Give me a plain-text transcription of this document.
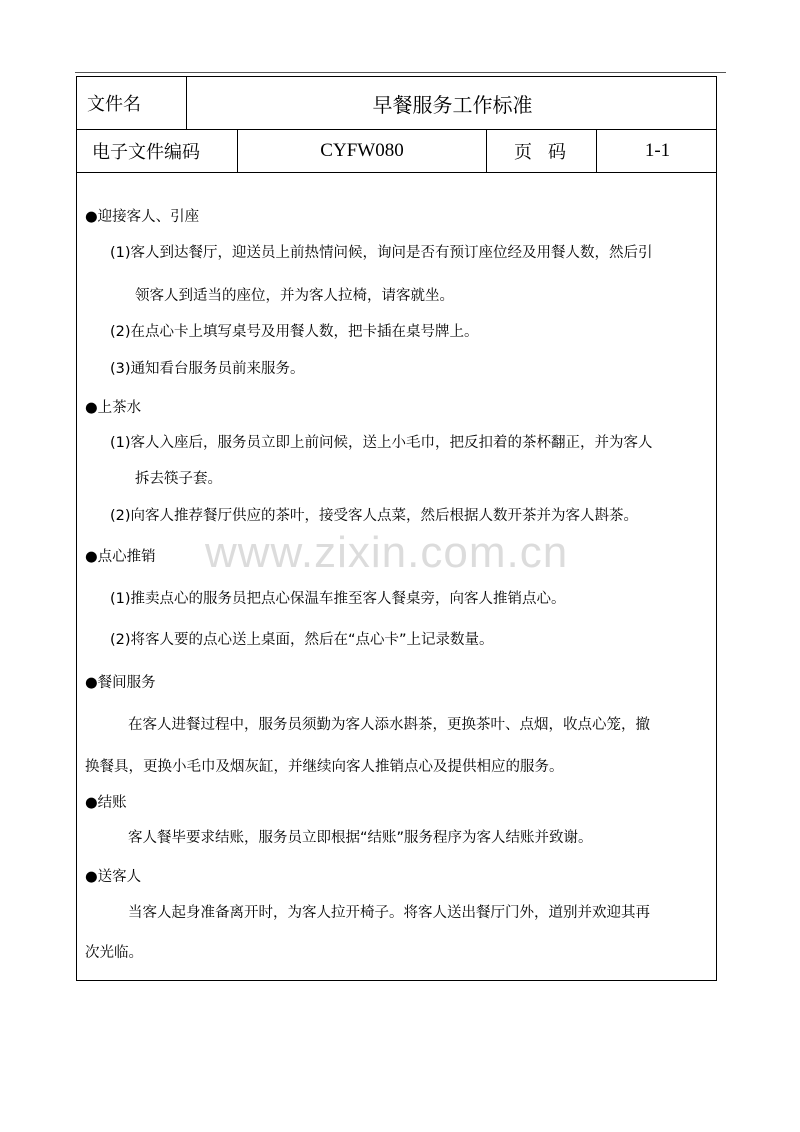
文件名	早餐服务工作标准
电子文件编码	CYFW080	页码	1-1
●迎接客人、引座
(1)客人到达餐厅，迎送员上前热情问候，询问是否有预订座位经及用餐人数，然后引
领客人到适当的座位，并为客人拉椅，请客就坐。
(2)在点心卡上填写桌号及用餐人数，把卡插在桌号牌上。
(3)通知看台服务员前来服务。
●上茶水
(1)客人入座后，服务员立即上前问候，送上小毛巾，把反扣着的茶杯翻正，并为客人
拆去筷子套。
(2)向客人推荐餐厅供应的茶叶，接受客人点菜，然后根据人数开茶并为客人斟茶。
●点心推销
(1)推卖点心的服务员把点心保温车推至客人餐桌旁，向客人推销点心。
(2)将客人要的点心送上桌面，然后在“点心卡”上记录数量。
●餐间服务
在客人进餐过程中，服务员须勤为客人添水斟茶，更换茶叶、点烟，收点心笼，撤
换餐具，更换小毛巾及烟灰缸，并继续向客人推销点心及提供相应的服务。
●结账
客人餐毕要求结账，服务员立即根据“结账”服务程序为客人结账并致谢。
●送客人
当客人起身准备离开时，为客人拉开椅子。将客人送出餐厅门外，道别并欢迎其再
次光临。
www.zixin.com.cn
